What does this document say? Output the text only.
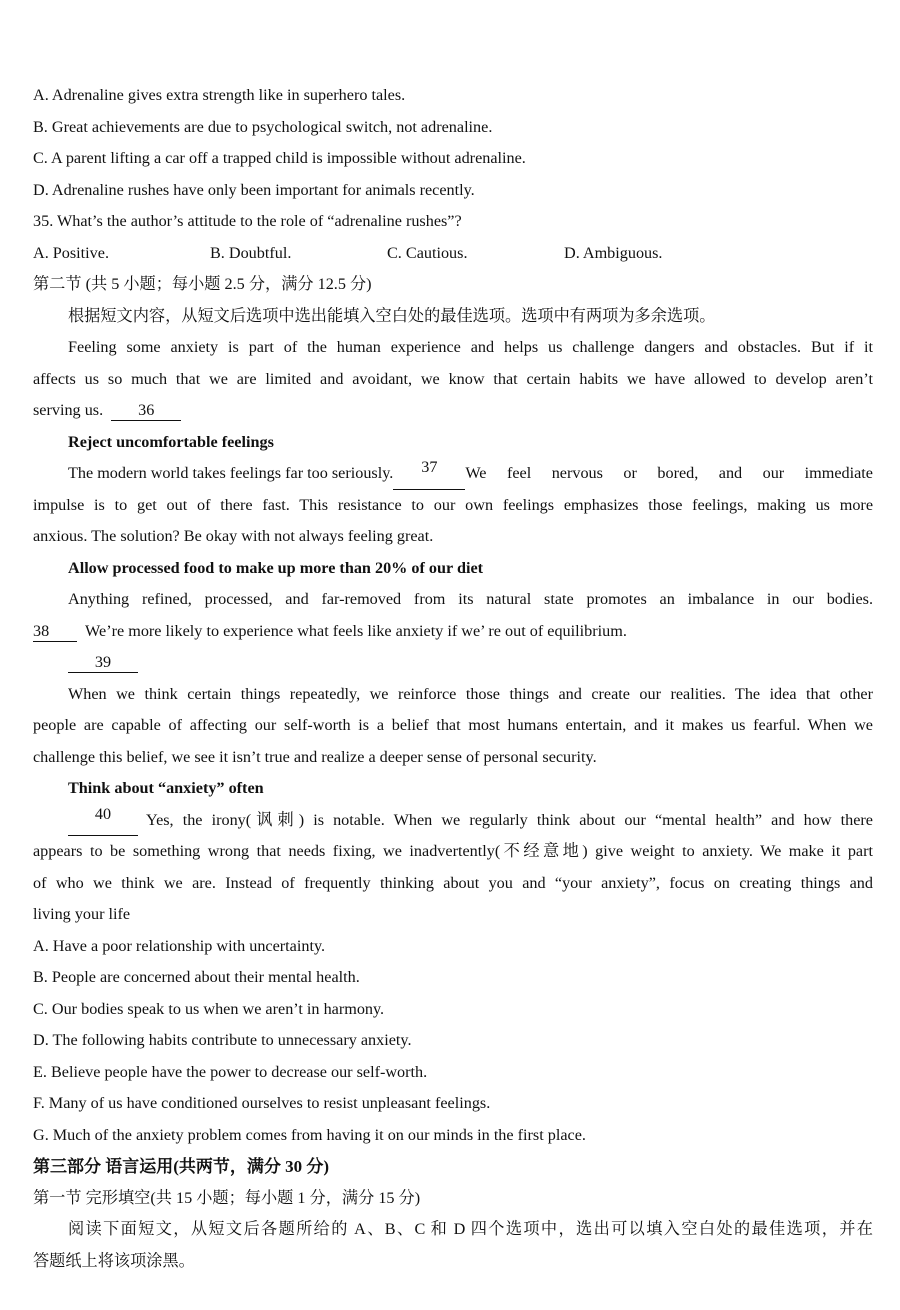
A. Adrenaline gives extra strength like in superhero tales.
B. Great achievements are due to psychological switch, not adrenaline.
C. A parent lifting a car off a trapped child is impossible without adrenaline.
D. Adrenaline rushes have only been important for animals recently.
35. What’s the author’s attitude to the role of “adrenaline rushes”?
A. Positive.	B. Doubtful.	C. Cautious.	D. Ambiguous.
第二节 (共 5 小题；每小题 2.5 分，满分 12.5 分)
根据短文内容，从短文后选项中选出能填入空白处的最佳选项。选项中有两项为多余选项。
Feeling some anxiety is part of the human experience and helps us challenge dangers and obstacles. But if it
affects us so much that we are limited and avoidant, we know that certain habits we have allowed to develop aren’t
serving us. 36
Reject uncomfortable feelings
The modern world takes feelings far too seriously.	37	We feel nervous or bored, and our immediate
impulse is to get out of there fast. This resistance to our own feelings emphasizes those feelings, making us more
anxious. The solution? Be okay with not always feeling great.
Allow processed food to make up more than 20% of our diet
Anything refined, processed, and far-removed from its natural state promotes an imbalance in our bodies.
38 We’re more likely to experience what feels like anxiety if we’ re out of equilibrium.
39
When we think certain things repeatedly, we reinforce those things and create our realities. The idea that other
people are capable of affecting our self-worth is a belief that most humans entertain, and it makes us fearful. When we
challenge this belief, we see it isn’t true and realize a deeper sense of personal security.
Think about “anxiety” often
40	Yes, the irony(讽刺) is notable. When we regularly think about our “mental health” and how there
appears to be something wrong that needs fixing, we inadvertently(不经意地) give weight to anxiety. We make it part
of who we think we are. Instead of frequently thinking about you and “your anxiety”, focus on creating things and
living your life
A. Have a poor relationship with uncertainty.
B. People are concerned about their mental health.
C. Our bodies speak to us when we aren’t in harmony.
D. The following habits contribute to unnecessary anxiety.
E. Believe people have the power to decrease our self-worth.
F. Many of us have conditioned ourselves to resist unpleasant feelings.
G. Much of the anxiety problem comes from having it on our minds in the first place.
第三部分 语言运用(共两节，满分 30 分)
第一节 完形填空(共 15 小题；每小题 1 分，满分 15 分)
阅读下面短文，从短文后各题所给的 A、B、C 和 D 四个选项中，选出可以填入空白处的最佳选项，并在
答题纸上将该项涂黑。
